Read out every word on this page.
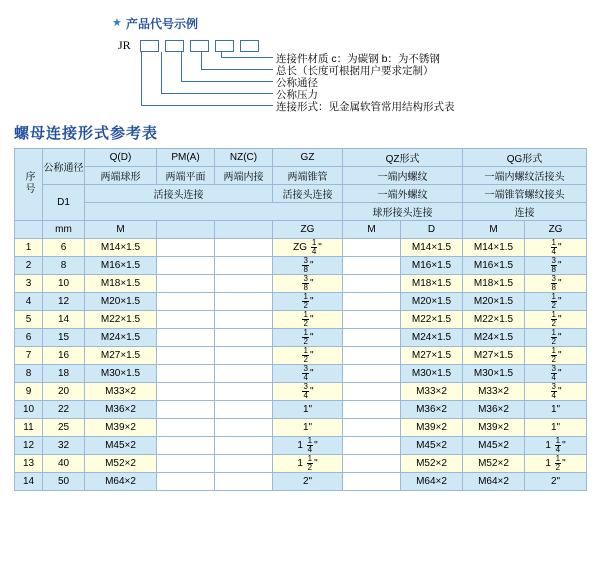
★ 产品代号示例
JR

连接件材质 c：为碳钢 b：为不锈钢
总长（长度可根据用户要求定制）
公称通径
公称压力
连接形式：见金属软管常用结构形式表
螺母连接形式参考表
序号	公称通径	Q(D)	PM(A)	NZ(C)	GZ	QZ形式		QG形式	
		两端球形	两端平面	两端内接	两端锥管	一端内螺纹		一端内螺纹活接头	
	D1	活接头连接			活接头连接	一端外螺纹		一端锥管螺纹接头	
						球形接头连接		连接	
	mm	M			ZG	M	D	M	ZG
1	6	M14×1.5			ZG $\frac{1}{4}$ "		M14×1.5	M14×1.5	$\frac{1}{4}$ "
2	8	M16×1.5			$\frac{3}{8}$ "		M16×1.5	M16×1.5	$\frac{3}{8}$ "
3	10	M18×1.5			$\frac{3}{8}$ "		M18×1.5	M18×1.5	$\frac{3}{8}$ "
4	12	M20×1.5			$\frac{1}{2}$ "		M20×1.5	M20×1.5	$\frac{1}{2}$ "
5	14	M22×1.5			$\frac{1}{2}$ "		M22×1.5	M22×1.5	$\frac{1}{2}$ "
6	15	M24×1.5			$\frac{1}{2}$ "		M24×1.5	M24×1.5	$\frac{1}{2}$ "
7	16	M27×1.5			$\frac{1}{2}$ "		M27×1.5	M27×1.5	$\frac{1}{2}$ "
8	18	M30×1.5			$\frac{3}{4}$ "		M30×1.5	M30×1.5	$\frac{3}{4}$ "
9	20	M33×2			$\frac{3}{4}$ "		M33×2	M33×2	$\frac{3}{4}$ "
10	22	M36×2			1"		M36×2	M36×2	1"
11	25	M39×2			1"		M39×2	M39×2	1"
12	32	M45×2			$1 \frac{1}{4}$ "		M45×2	M45×2	$1 \frac{1}{4}$ "
13	40	M52×2			$1 \frac{1}{2}$ "		M52×2	M52×2	$1 \frac{1}{2}$ "
14	50	M64×2			2"		M64×2	M64×2	2"
